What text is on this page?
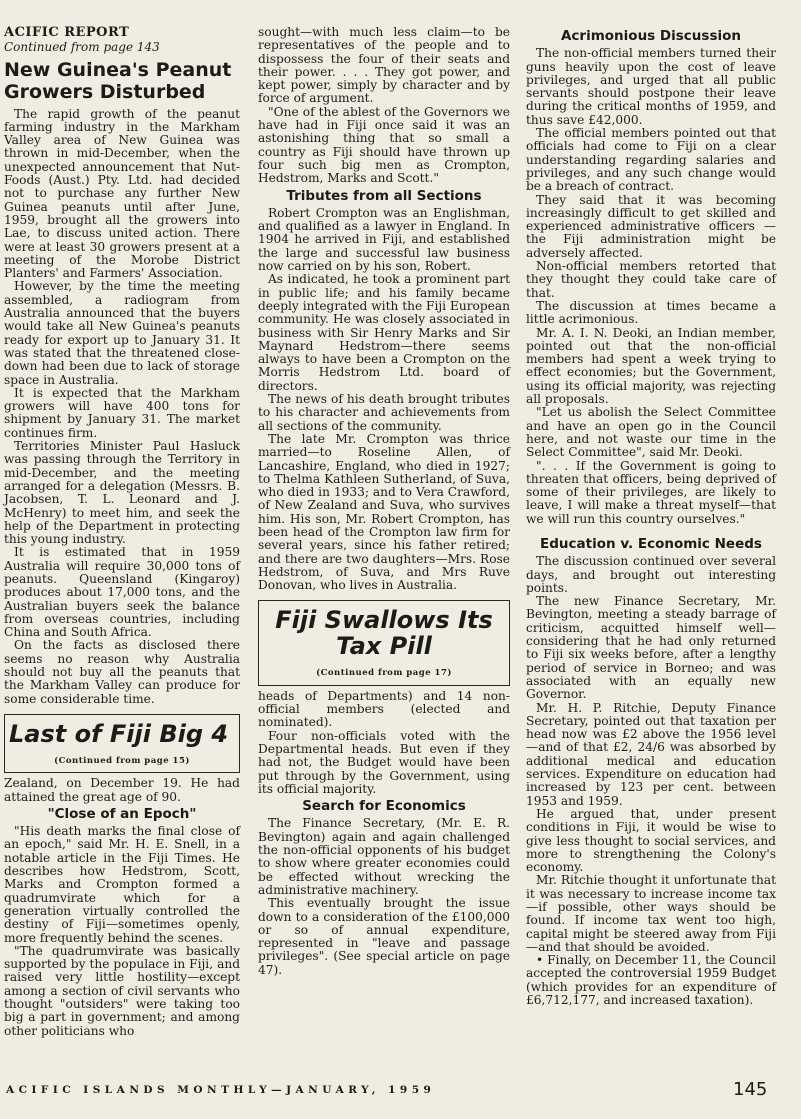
ACIFIC REPORT

Continued from page 143
New Guinea's Peanut Growers Disturbed

The rapid growth of the peanut farming industry in the Markham Valley area of New Guinea was thrown in mid-December, when the unexpected announcement that Nut-Foods (Aust.) Pty. Ltd. had decided not to purchase any further New Guinea peanuts until after June, 1959, brought all the growers into Lae, to discuss united action. There were at least 30 growers present at a meeting of the Morobe District Planters' and Farmers' Association.

However, by the time the meeting assembled, a radiogram from Australia announced that the buyers would take all New Guinea's peanuts ready for export up to January 31. It was stated that the threatened close-down had been due to lack of storage space in Australia.

It is expected that the Markham growers will have 400 tons for shipment by January 31. The market continues firm.

Territories Minister Paul Hasluck was passing through the Territory in mid-December, and the meeting arranged for a delegation (Messrs. B. Jacobsen, T. L. Leonard and J. McHenry) to meet him, and seek the help of the Department in protecting this young industry.

It is estimated that in 1959 Australia will require 30,000 tons of peanuts. Queensland (Kingaroy) produces about 17,000 tons, and the Australian buyers seek the balance from overseas countries, including China and South Africa.

On the facts as disclosed there seems no reason why Australia should not buy all the peanuts that the Markham Valley can produce for some considerable time.

Last of Fiji Big 4
(Continued from page 15)

Zealand, on December 19. He had attained the great age of 90.

"Close of an Epoch"

"His death marks the final close of an epoch," said Mr. H. E. Snell, in a notable article in the Fiji Times. He describes how Hedstrom, Scott, Marks and Crompton formed a quadrumvirate which for a generation virtually controlled the destiny of Fiji—sometimes openly, more frequently behind the scenes.

"The quadrumvirate was basically supported by the populace in Fiji, and raised very little hostility—except among a section of civil servants who thought "outsiders" were taking too big a part in government; and among other politicians who

sought—with much less claim—to be representatives of the people and to dispossess the four of their seats and their power. . . . They got power, and kept power, simply by character and by force of argument.

"One of the ablest of the Governors we have had in Fiji once said it was an astonishing thing that so small a country as Fiji should have thrown up four such big men as Crompton, Hedstrom, Marks and Scott."

Tributes from all Sections

Robert Crompton was an Englishman, and qualified as a lawyer in England. In 1904 he arrived in Fiji, and established the large and successful law business now carried on by his son, Robert.

As indicated, he took a prominent part in public life; and his family became deeply integrated with the Fiji European community. He was closely associated in business with Sir Henry Marks and Sir Maynard Hedstrom—there seems always to have been a Crompton on the Morris Hedstrom Ltd. board of directors.

The news of his death brought tributes to his character and achievements from all sections of the community.

The late Mr. Crompton was thrice married—to Roseline Allen, of Lancashire, England, who died in 1927; to Thelma Kathleen Sutherland, of Suva, who died in 1933; and to Vera Crawford, of New Zealand and Suva, who survives him. His son, Mr. Robert Crompton, has been head of the Crompton law firm for several years, since his father retired; and there are two daughters—Mrs. Rose Hedstrom, of Suva, and Mrs Ruve Donovan, who lives in Australia.

Fiji Swallows Its Tax Pill
(Continued from page 17)

heads of Departments) and 14 non-official members (elected and nominated).

Four non-officials voted with the Departmental heads. But even if they had not, the Budget would have been put through by the Government, using its official majority.

Search for Economics

The Finance Secretary, (Mr. E. R. Bevington) again and again challenged the non-official opponents of his budget to show where greater economies could be effected without wrecking the administrative machinery.

This eventually brought the issue down to a consideration of the £100,000 or so of annual expenditure, represented in "leave and passage privileges". (See special article on page 47).

Acrimonious Discussion

The non-official members turned their guns heavily upon the cost of leave privileges, and urged that all public servants should postpone their leave during the critical months of 1959, and thus save £42,000.

The official members pointed out that officials had come to Fiji on a clear understanding regarding salaries and privileges, and any such change would be a breach of contract.

They said that it was becoming increasingly difficult to get skilled and experienced administrative officers — the Fiji administration might be adversely affected.

Non-official members retorted that they thought they could take care of that.

The discussion at times became a little acrimonious.

Mr. A. I. N. Deoki, an Indian member, pointed out that the non-official members had spent a week trying to effect economies; but the Government, using its official majority, was rejecting all proposals.

"Let us abolish the Select Committee and have an open go in the Council here, and not waste our time in the Select Committee", said Mr. Deoki.

". . . If the Government is going to threaten that officers, being deprived of some of their privileges, are likely to leave, I will make a threat myself—that we will run this country ourselves."

Education v. Economic Needs

The discussion continued over several days, and brought out interesting points.

The new Finance Secretary, Mr. Bevington, meeting a steady barrage of criticism, acquitted himself well—considering that he had only returned to Fiji six weeks before, after a lengthy period of service in Borneo; and was associated with an equally new Governor.

Mr. H. P. Ritchie, Deputy Finance Secretary, pointed out that taxation per head now was £2 above the 1956 level—and of that £2, 24/6 was absorbed by additional medical and education services. Expenditure on education had increased by 123 per cent. between 1953 and 1959.

He argued that, under present conditions in Fiji, it would be wise to give less thought to social services, and more to strengthening the Colony's economy.

Mr. Ritchie thought it unfortunate that it was necessary to increase income tax—if possible, other ways should be found. If income tax went too high, capital might be steered away from Fiji—and that should be avoided.

• Finally, on December 11, the Council accepted the controversial 1959 Budget (which provides for an expenditure of £6,712,177, and increased taxation).

ACIFIC ISLANDS MONTHLY—JANUARY, 1959	145
